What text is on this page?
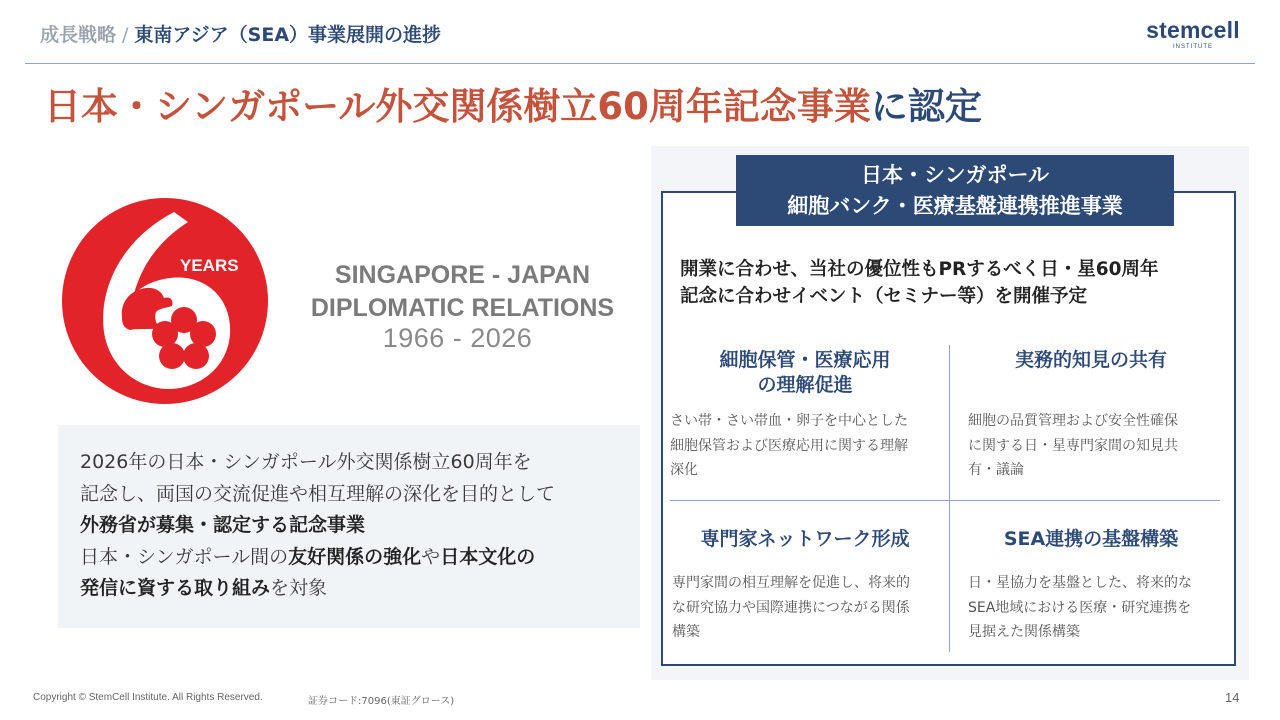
成長戦略 / 東南アジア（SEA）事業展開の進捗	stemcell
INSTITUTE
日本・シンガポール外交関係樹立60周年記念事業に認定
YEARS	SINGAPORE - JAPAN
DIPLOMATIC RELATIONS
1966 - 2026
2026年の日本・シンガポール外交関係樹立60周年を
記念し、両国の交流促進や相互理解の深化を目的として
外務省が募集・認定する記念事業
日本・シンガポール間の友好関係の強化や日本文化の
発信に資する取り組みを対象
日本・シンガポール
細胞バンク・医療基盤連携推進事業
開業に合わせ、当社の優位性もPRするべく日・星60周年
記念に合わせイベント（セミナー等）を開催予定
細胞保管・医療応用
の理解促進
さい帯・さい帯血・卵子を中心とした
細胞保管および医療応用に関する理解
深化
実務的知見の共有
細胞の品質管理および安全性確保
に関する日・星専門家間の知見共
有・議論
専門家ネットワーク形成
専門家間の相互理解を促進し、将来的
な研究協力や国際連携につながる関係
構築
SEA連携の基盤構築
日・星協力を基盤とした、将来的な
SEA地域における医療・研究連携を
見据えた関係構築
Copyright © StemCell Institute. All Rights Reserved.	証券コード:7096(東証グロース)	14
